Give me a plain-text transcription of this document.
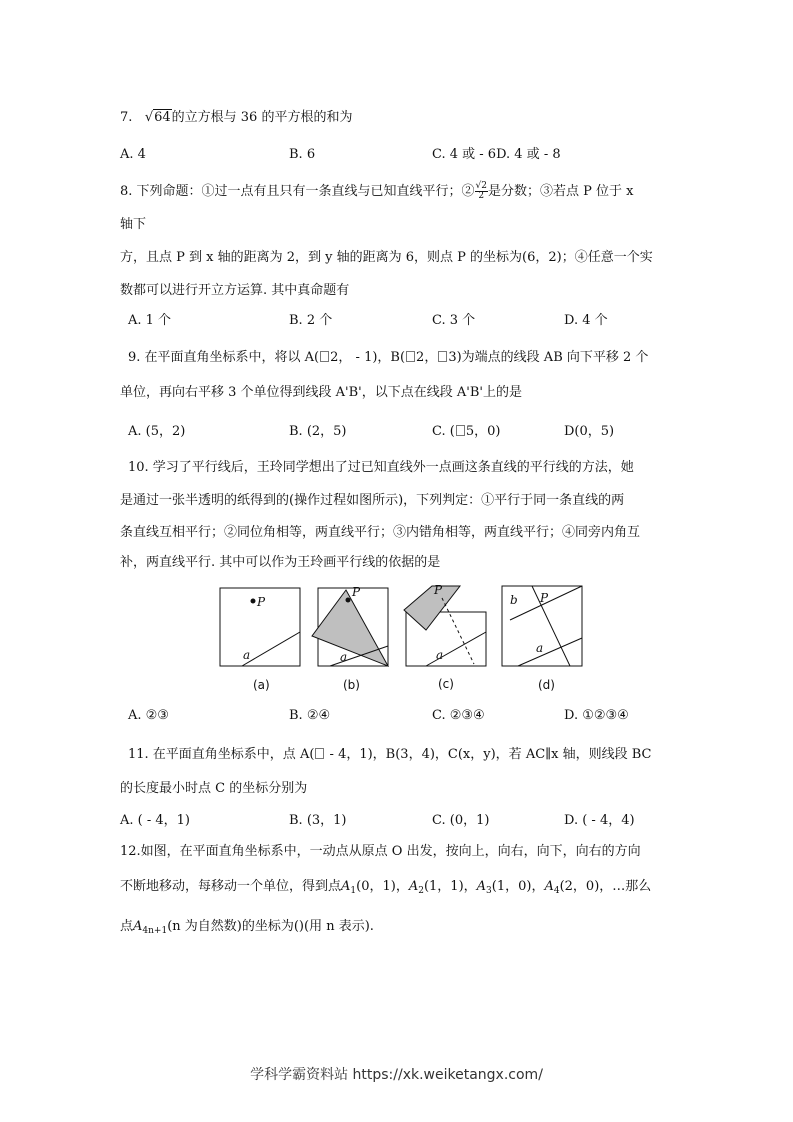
7. √64的立方根与 36 的平方根的和为
A. 4	B. 6	C. 4 或 - 6D. 4 或 - 8
8. 下列命题：①过一点有且只有一条直线与已知直线平行；② $\frac{√2}{2}$ 是分数；③若点 P 位于 x
轴下
方，且点 P 到 x 轴的距离为 2，到 y 轴的距离为 6，则点 P 的坐标为(6，2)；④任意一个实
数都可以进行开立方运算. 其中真命题有
A. 1 个	B. 2 个	C. 3 个	D. 4 个
9. 在平面直角坐标系中，将以 A( 2， - 1)，B( 2， 3)为端点的线段 AB 向下平移 2 个
单位，再向右平移 3 个单位得到线段 A'B'，以下点在线段 A'B'上的是
A. (5，2)	B. (2，5)	C. ( 5，0)	D(0，5)
10. 学习了平行线后，王玲同学想出了过已知直线外一点画这条直线的平行线的方法，她
是通过一张半透明的纸得到的(操作过程如图所示)，下列判定：①平行于同一条直线的两
条直线互相平行；②同位角相等，两直线平行；③内错角相等，两直线平行；④同旁内角互
补，两直线平行. 其中可以作为王玲画平行线的依据的是
P
a
P
a
P
a
b P
a
(a)	(b)	(c)	(d)
A. ②③	B. ②④	C. ②③④	D. ①②③④
11. 在平面直角坐标系中，点 A( - 4，1)，B(3，4)，C(x，y)，若 AC∥x 轴，则线段 BC
的长度最小时点 C 的坐标分别为
A. ( - 4，1)	B. (3，1)	C. (0，1)	D. ( - 4，4)
12.如图，在平面直角坐标系中，一动点从原点 O 出发，按向上，向右，向下，向右的方向
不断地移动，每移动一个单位，得到点$A_1(0$，1)，$A_2(1$，1)，$A_3(1$，0)，$A_4(2$，0)，…那么
点$A_{4n+1}(n$ 为自然数)的坐标为()(用 n 表示).
学科学霸资料站 https://xk.weiketangx.com/
